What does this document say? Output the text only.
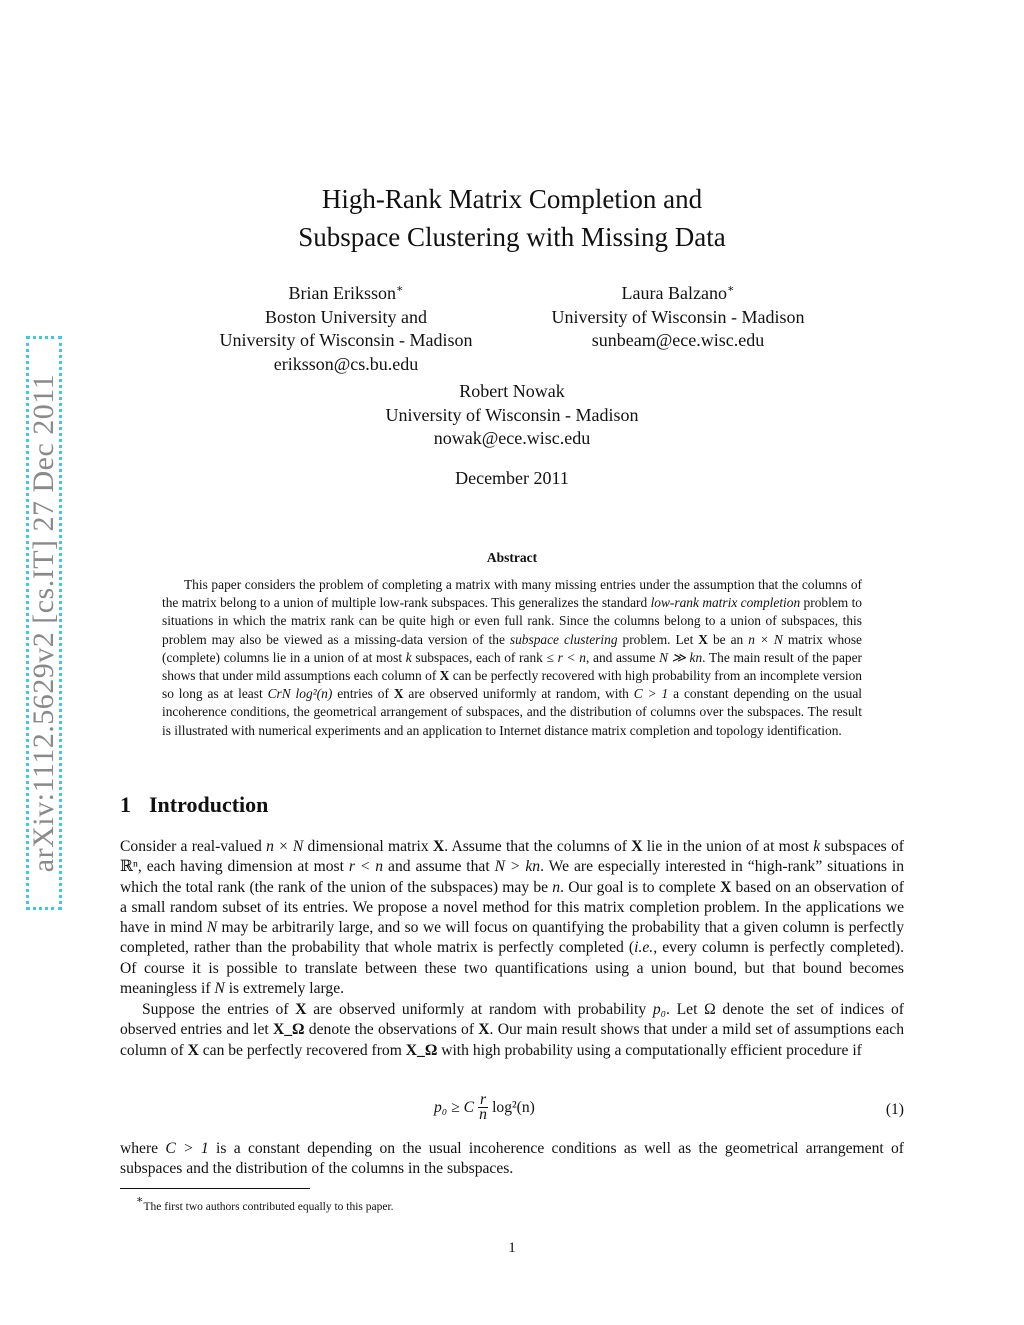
arXiv:1112.5629v2 [cs.IT] 27 Dec 2011
High-Rank Matrix Completion and
Subspace Clustering with Missing Data
Brian Eriksson∗
Boston University and
University of Wisconsin - Madison
eriksson@cs.bu.edu
Laura Balzano∗
University of Wisconsin - Madison
sunbeam@ece.wisc.edu
Robert Nowak
University of Wisconsin - Madison
nowak@ece.wisc.edu
December 2011
Abstract
This paper considers the problem of completing a matrix with many missing entries under the assumption that the columns of the matrix belong to a union of multiple low-rank subspaces. This generalizes the standard low-rank matrix completion problem to situations in which the matrix rank can be quite high or even full rank. Since the columns belong to a union of subspaces, this problem may also be viewed as a missing-data version of the subspace clustering problem. Let X be an n × N matrix whose (complete) columns lie in a union of at most k subspaces, each of rank ≤ r < n, and assume N ≫ kn. The main result of the paper shows that under mild assumptions each column of X can be perfectly recovered with high probability from an incomplete version so long as at least CrN log²(n) entries of X are observed uniformly at random, with C > 1 a constant depending on the usual incoherence conditions, the geometrical arrangement of subspaces, and the distribution of columns over the subspaces. The result is illustrated with numerical experiments and an application to Internet distance matrix completion and topology identification.
1 Introduction
Consider a real-valued n × N dimensional matrix X. Assume that the columns of X lie in the union of at most k subspaces of ℝⁿ, each having dimension at most r < n and assume that N > kn. We are especially interested in “high-rank” situations in which the total rank (the rank of the union of the subspaces) may be n. Our goal is to complete X based on an observation of a small random subset of its entries. We propose a novel method for this matrix completion problem. In the applications we have in mind N may be arbitrarily large, and so we will focus on quantifying the probability that a given column is perfectly completed, rather than the probability that whole matrix is perfectly completed (i.e., every column is perfectly completed). Of course it is possible to translate between these two quantifications using a union bound, but that bound becomes meaningless if N is extremely large.
Suppose the entries of X are observed uniformly at random with probability p₀. Let Ω denote the set of indices of observed entries and let X_Ω denote the observations of X. Our main result shows that under a mild set of assumptions each column of X can be perfectly recovered from X_Ω with high probability using a computationally efficient procedure if
p₀ ≥ C $\frac{r}{n} \log^2(n)$	(1)
where C > 1 is a constant depending on the usual incoherence conditions as well as the geometrical arrangement of subspaces and the distribution of the columns in the subspaces.
∗The first two authors contributed equally to this paper.
1
